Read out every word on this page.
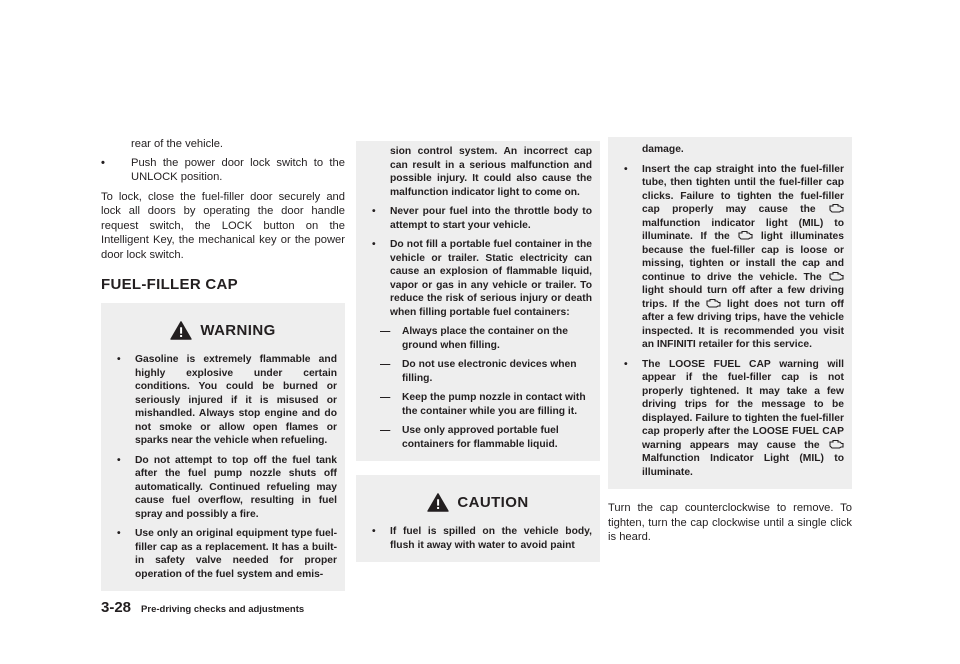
rear of the vehicle.

• Push the power door lock switch to the UNLOCK position.

To lock, close the fuel-filler door securely and lock all doors by operating the door handle request switch, the LOCK button on the Intelligent Key, the mechanical key or the power door lock switch.

FUEL-FILLER CAP
WARNING
• Gasoline is extremely flammable and highly explosive under certain conditions. You could be burned or seriously injured if it is misused or mishandled. Always stop engine and do not smoke or allow open flames or sparks near the vehicle when refueling.
• Do not attempt to top off the fuel tank after the fuel pump nozzle shuts off automatically. Continued refueling may cause fuel overflow, resulting in fuel spray and possibly a fire.
• Use only an original equipment type fuel-filler cap as a replacement. It has a built-in safety valve needed for proper operation of the fuel system and emis-
3-28 Pre-driving checks and adjustments
sion control system. An incorrect cap can result in a serious malfunction and possible injury. It could also cause the malfunction indicator light to come on.
• Never pour fuel into the throttle body to attempt to start your vehicle.
• Do not fill a portable fuel container in the vehicle or trailer. Static electricity can cause an explosion of flammable liquid, vapor or gas in any vehicle or trailer. To reduce the risk of serious injury or death when filling portable fuel containers:
— Always place the container on the ground when filling.
— Do not use electronic devices when filling.
— Keep the pump nozzle in contact with the container while you are filling it.
— Use only approved portable fuel containers for flammable liquid.
CAUTION
• If fuel is spilled on the vehicle body, flush it away with water to avoid paint
damage.
• Insert the cap straight into the fuel-filler tube, then tighten until the fuel-filler cap clicks. Failure to tighten the fuel-filler cap properly may cause the  malfunction indicator light (MIL) to illuminate. If the	light illuminates because the fuel-filler cap is loose or missing, tighten or install the cap and continue to drive the vehicle. The  light should turn off after a few driving trips. If the	light does not turn off after a few driving trips, have the vehicle inspected. It is recommended you visit an INFINITI retailer for this service.
• The LOOSE FUEL CAP warning will appear if the fuel-filler cap is not properly tightened. It may take a few driving trips for the message to be displayed. Failure to tighten the fuel-filler cap properly after the LOOSE FUEL CAP warning appears may cause the  Malfunction Indicator Light (MIL) to illuminate.

Turn the cap counterclockwise to remove. To tighten, turn the cap clockwise until a single click is heard.
